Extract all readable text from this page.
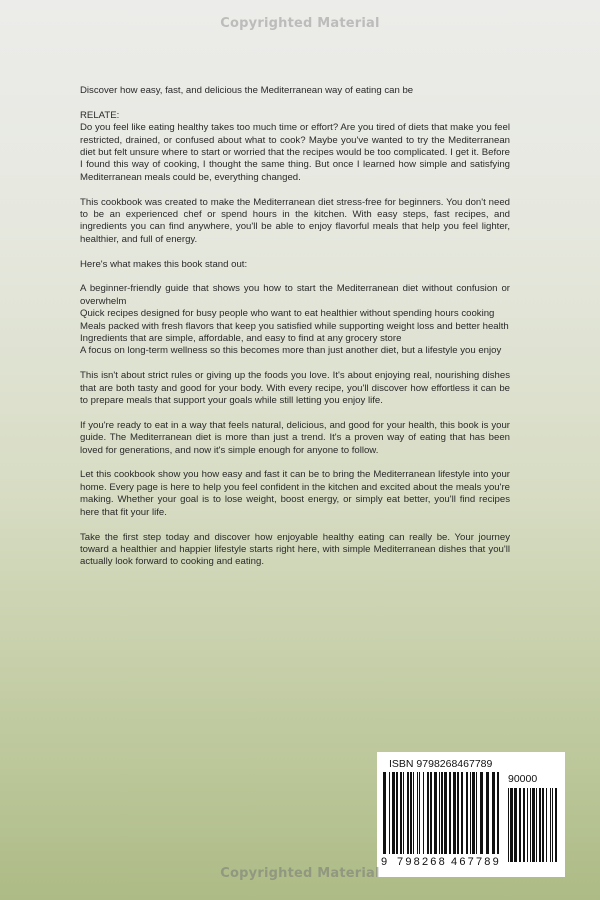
Copyrighted Material

Discover how easy, fast, and delicious the Mediterranean way of eating can be

RELATE:

Do you feel like eating healthy takes too much time or effort? Are you tired of diets that make you feel restricted, drained, or confused about what to cook? Maybe you've wanted to try the Mediterranean diet but felt unsure where to start or worried that the recipes would be too complicated. I get it. Before I found this way of cooking, I thought the same thing. But once I learned how simple and satisfying Mediterranean meals could be, everything changed.

This cookbook was created to make the Mediterranean diet stress-free for beginners. You don't need to be an experienced chef or spend hours in the kitchen. With easy steps, fast recipes, and ingredients you can find anywhere, you'll be able to enjoy flavorful meals that help you feel lighter, healthier, and full of energy.

Here's what makes this book stand out:

A beginner-friendly guide that shows you how to start the Mediterranean diet without confusion or overwhelm
Quick recipes designed for busy people who want to eat healthier without spending hours cooking
Meals packed with fresh flavors that keep you satisfied while supporting weight loss and better health
Ingredients that are simple, affordable, and easy to find at any grocery store
A focus on long-term wellness so this becomes more than just another diet, but a lifestyle you enjoy

This isn't about strict rules or giving up the foods you love. It's about enjoying real, nourishing dishes that are both tasty and good for your body. With every recipe, you'll discover how effortless it can be to prepare meals that support your goals while still letting you enjoy life.

If you're ready to eat in a way that feels natural, delicious, and good for your health, this book is your guide. The Mediterranean diet is more than just a trend. It's a proven way of eating that has been loved for generations, and now it's simple enough for anyone to follow.

Let this cookbook show you how easy and fast it can be to bring the Mediterranean lifestyle into your home. Every page is here to help you feel confident in the kitchen and excited about the meals you're making. Whether your goal is to lose weight, boost energy, or simply eat better, you'll find recipes here that fit your life.

Take the first step today and discover how enjoyable healthy eating can really be. Your journey toward a healthier and happier lifestyle starts right here, with simple Mediterranean dishes that you'll actually look forward to cooking and eating.

ISBN 9798268467789
90000
9 798268 467789
Copyrighted Material
